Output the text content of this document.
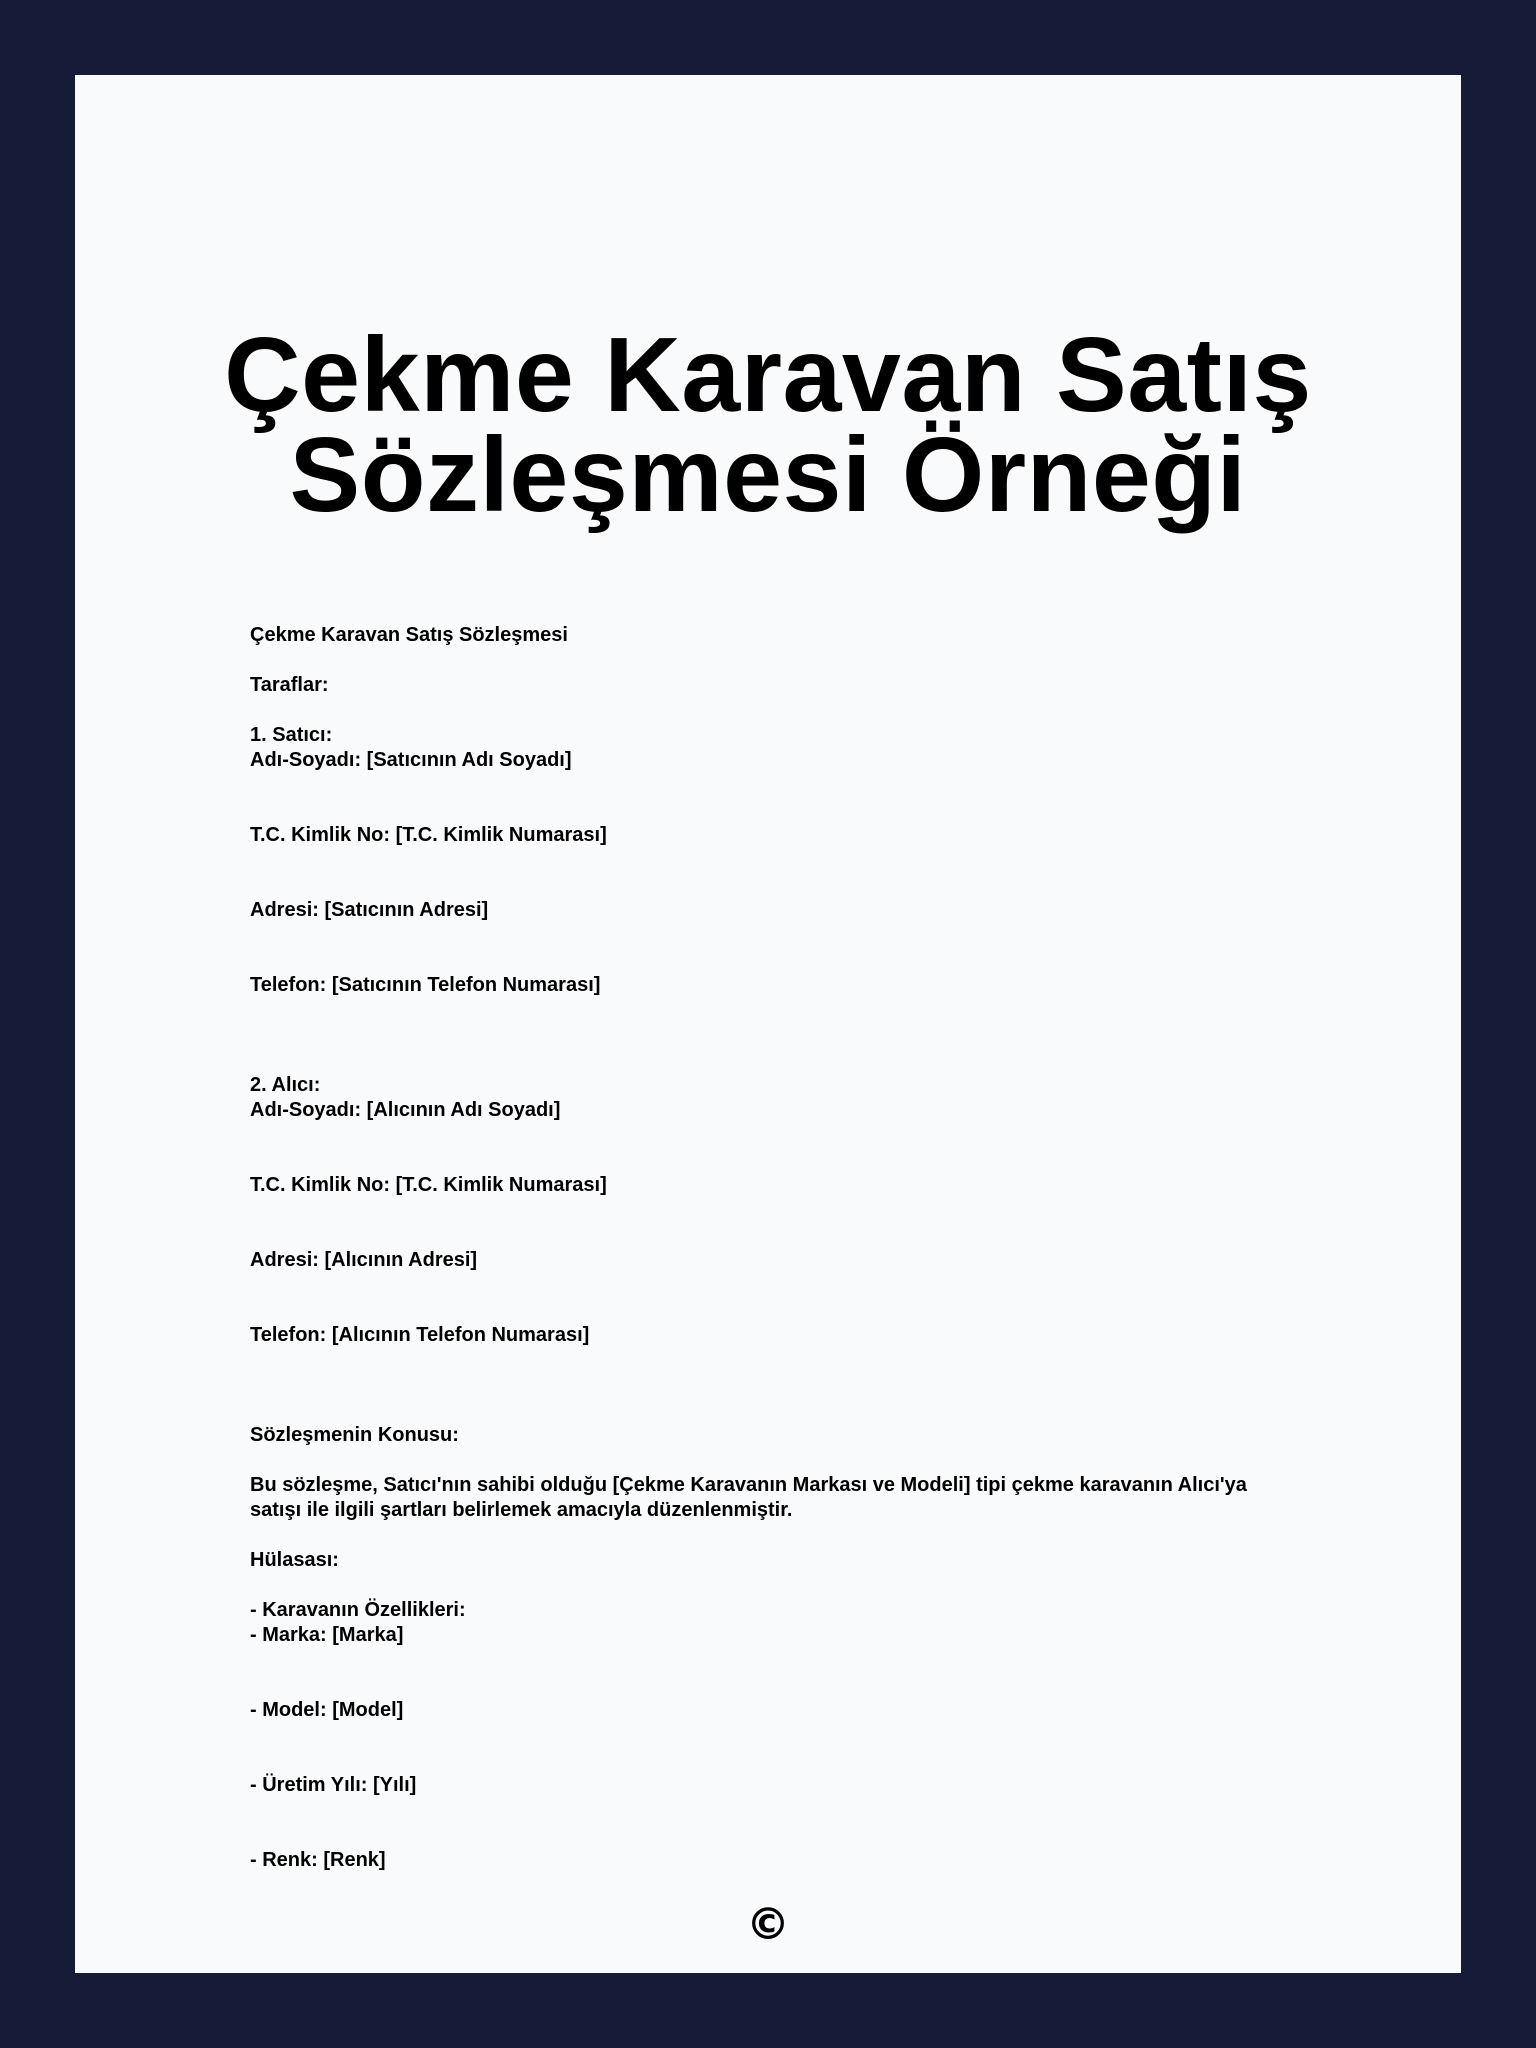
Çekme Karavan Satış
Sözleşmesi Örneği
Çekme Karavan Satış Sözleşmesi
Taraflar:
1. Satıcı:
Adı-Soyadı: [Satıcının Adı Soyadı]
T.C. Kimlik No: [T.C. Kimlik Numarası]
Adresi: [Satıcının Adresi]
Telefon: [Satıcının Telefon Numarası]
2. Alıcı:
Adı-Soyadı: [Alıcının Adı Soyadı]
T.C. Kimlik No: [T.C. Kimlik Numarası]
Adresi: [Alıcının Adresi]
Telefon: [Alıcının Telefon Numarası]
Sözleşmenin Konusu:
Bu sözleşme, Satıcı'nın sahibi olduğu [Çekme Karavanın Markası ve Modeli] tipi çekme karavanın Alıcı'ya satışı ile ilgili şartları belirlemek amacıyla düzenlenmiştir.
Hülasası:
- Karavanın Özellikleri:
- Marka: [Marka]
- Model: [Model]
- Üretim Yılı: [Yılı]
- Renk: [Renk]
©
